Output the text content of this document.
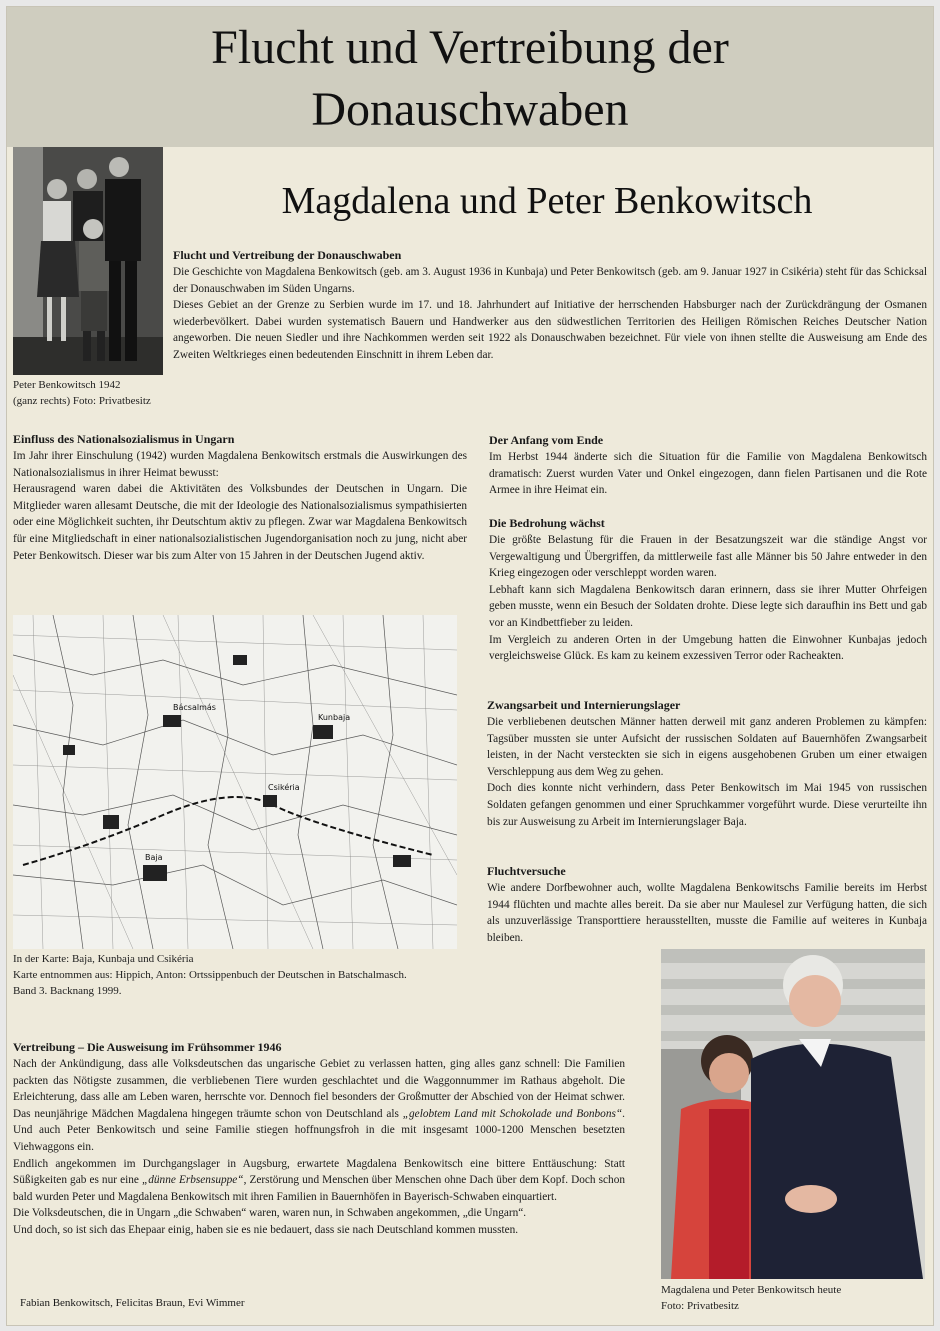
Flucht und Vertreibung der
Donauschwaben
Magdalena und Peter Benkowitsch
Peter Benkowitsch 1942
(ganz rechts) Foto: Privatbesitz
Flucht und Vertreibung der Donauschwaben

Die Geschichte von Magdalena Benkowitsch (geb. am 3. August 1936 in Kunbaja) und Peter Benkowitsch (geb. am 9. Januar 1927 in Csikéria) steht für das Schicksal der Donauschwaben im Süden Ungarns.

Dieses Gebiet an der Grenze zu Serbien wurde im 17. und 18. Jahrhundert auf Initiative der herrschenden Habsburger nach der Zurückdrängung der Osmanen wiederbevölkert. Dabei wurden systematisch Bauern und Handwerker aus den südwestlichen Territorien des Heiligen Römischen Reiches Deutscher Nation angeworben. Die neuen Siedler und ihre Nachkommen werden seit 1922 als Donauschwaben bezeichnet. Für viele von ihnen stellte die Ausweisung am Ende des Zweiten Weltkrieges einen bedeutenden Einschnitt in ihrem Leben dar.

Einfluss des Nationalsozialismus in Ungarn

Im Jahr ihrer Einschulung (1942) wurden Magdalena Benkowitsch erstmals die Auswirkungen des Nationalsozialismus in ihrer Heimat bewusst:

Herausragend waren dabei die Aktivitäten des Volksbundes der Deutschen in Ungarn. Die Mitglieder waren allesamt Deutsche, die mit der Ideologie des Nationalsozialismus sympathisierten oder eine Möglichkeit suchten, ihr Deutschtum aktiv zu pflegen. Zwar war Magdalena Benkowitsch für eine Mitgliedschaft in einer nationalsozialistischen Jugendorganisation noch zu jung, nicht aber Peter Benkowitsch. Dieser war bis zum Alter von 15 Jahren in der Deutschen Jugend aktiv.

Der Anfang vom Ende

Im Herbst 1944 änderte sich die Situation für die Familie von Magdalena Benkowitsch dramatisch: Zuerst wurden Vater und Onkel eingezogen, dann fielen Partisanen und die Rote Armee in ihre Heimat ein.

Die Bedrohung wächst

Die größte Belastung für die Frauen in der Besatzungszeit war die ständige Angst vor Vergewaltigung und Übergriffen, da mittlerweile fast alle Männer bis 50 Jahre entweder in den Krieg eingezogen oder verschleppt worden waren.

Lebhaft kann sich Magdalena Benkowitsch daran erinnern, dass sie ihrer Mutter Ohrfeigen geben musste, wenn ein Besuch der Soldaten drohte. Diese legte sich daraufhin ins Bett und gab vor an Kindbettfieber zu leiden.

Im Vergleich zu anderen Orten in der Umgebung hatten die Einwohner Kunbajas jedoch vergleichsweise Glück. Es kam zu keinem exzessiven Terror oder Racheakten.

Zwangsarbeit und Internierungslager

Die verbliebenen deutschen Männer hatten derweil mit ganz anderen Problemen zu kämpfen: Tagsüber mussten sie unter Aufsicht der russischen Soldaten auf Bauernhöfen Zwangsarbeit leisten, in der Nacht versteckten sie sich in eigens ausgehobenen Gruben um einer etwaigen Verschleppung aus dem Weg zu gehen.

Doch dies konnte nicht verhindern, dass Peter Benkowitsch im Mai 1945 von russischen Soldaten gefangen genommen und einer Spruchkammer vorgeführt wurde. Diese verurteilte ihn bis zur Ausweisung zu Arbeit im Internierungslager Baja.

Fluchtversuche

Wie andere Dorfbewohner auch, wollte Magdalena Benkowitschs Familie bereits im Herbst 1944 flüchten und machte alles bereit. Da sie aber nur Maulesel zur Verfügung hatten, die sich als unzuverlässige Transporttiere herausstellten, musste die Familie auf weiteres in Kunbaja bleiben.

Bácsalmás
Kunbaja
Csikéria
Baja
In der Karte: Baja, Kunbaja und Csikéria
Karte entnommen aus: Hippich, Anton: Ortssippenbuch der Deutschen in Batschalmasch.
Band 3. Backnang 1999.
Vertreibung – Die Ausweisung im Frühsommer 1946

Nach der Ankündigung, dass alle Volksdeutschen das ungarische Gebiet zu verlassen hatten, ging alles ganz schnell: Die Familien packten das Nötigste zusammen, die verbliebenen Tiere wurden geschlachtet und die Waggonnummer im Rathaus abgeholt. Die Erleichterung, dass alle am Leben waren, herrschte vor. Dennoch fiel besonders der Großmutter der Abschied von der Heimat schwer. Das neunjährige Mädchen Magdalena hingegen träumte schon von Deutschland als „gelobtem Land mit Schokolade und Bonbons“. Und auch Peter Benkowitsch und seine Familie stiegen hoffnungsfroh in die mit insgesamt 1000-1200 Menschen besetzten Viehwaggons ein.

Endlich angekommen im Durchgangslager in Augsburg, erwartete Magdalena Benkowitsch eine bittere Enttäuschung: Statt Süßigkeiten gab es nur eine „dünne Erbsensuppe“, Zerstörung und Menschen über Menschen ohne Dach über dem Kopf. Doch schon bald wurden Peter und Magdalena Benkowitsch mit ihren Familien in Bauernhöfen in Bayerisch-Schwaben einquartiert.

Die Volksdeutschen, die in Ungarn „die Schwaben“ waren, waren nun, in Schwaben angekommen, „die Ungarn“.

Und doch, so ist sich das Ehepaar einig, haben sie es nie bedauert, dass sie nach Deutschland kommen mussten.

Magdalena und Peter Benkowitsch heute
Foto: Privatbesitz
Fabian Benkowitsch, Felicitas Braun, Evi Wimmer
